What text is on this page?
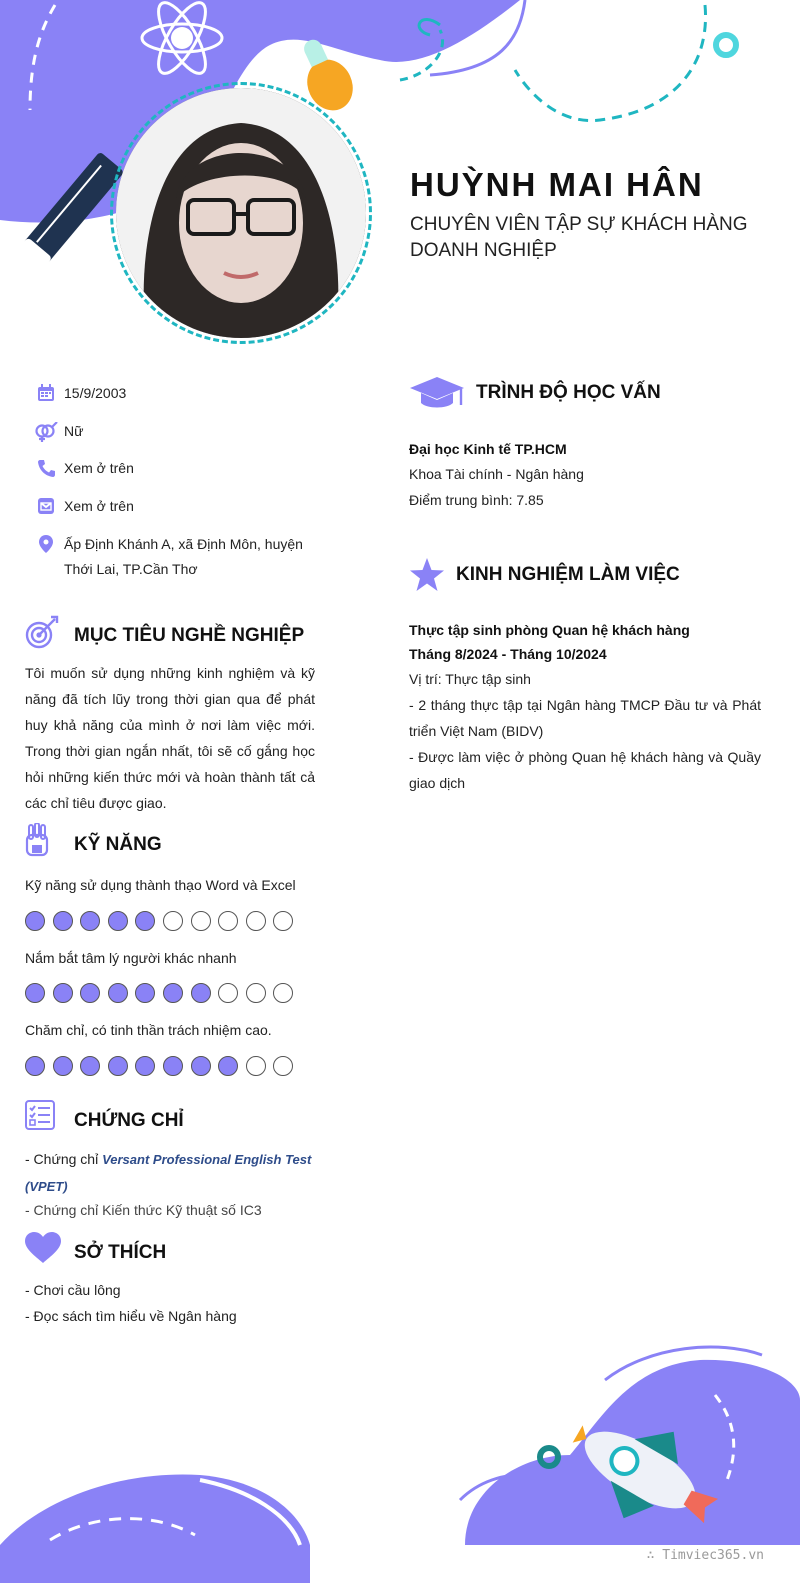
HUỲNH MAI HÂN
CHUYÊN VIÊN TẬP SỰ KHÁCH HÀNG DOANH NGHIỆP
15/9/2003
Nữ
Xem ở trên
Xem ở trên
Ấp Định Khánh A, xã Định Môn, huyện Thới Lai, TP.Cần Thơ
MỤC TIÊU NGHỀ NGHIỆP
Tôi muốn sử dụng những kinh nghiệm và kỹ năng đã tích lũy trong thời gian qua để phát huy khả năng của mình ở nơi làm việc mới. Trong thời gian ngắn nhất, tôi sẽ cố gắng học hỏi những kiến thức mới và hoàn thành tất cả các chỉ tiêu được giao.
KỸ NĂNG
Kỹ năng sử dụng thành thạo Word và Excel
Nắm bắt tâm lý người khác nhanh
Chăm chỉ, có tinh thần trách nhiệm cao.
CHỨNG CHỈ
- Chứng chỉ Versant Professional English Test (VPET)
- Chứng chỉ Kiến thức Kỹ thuật số IC3
SỞ THÍCH
- Chơi cầu lông
- Đọc sách tìm hiểu về Ngân hàng
TRÌNH ĐỘ HỌC VẤN
Đại học Kinh tế TP.HCM
Khoa Tài chính - Ngân hàng
Điểm trung bình: 7.85
KINH NGHIỆM LÀM VIỆC
Thực tập sinh phòng Quan hệ khách hàng
Tháng 8/2024 - Tháng 10/2024
Vị trí: Thực tập sinh
- 2 tháng thực tập tại Ngân hàng TMCP Đầu tư và Phát triển Việt Nam (BIDV)
- Được làm việc ở phòng Quan hệ khách hàng và Quầy giao dịch
∴ Timviec365.vn
